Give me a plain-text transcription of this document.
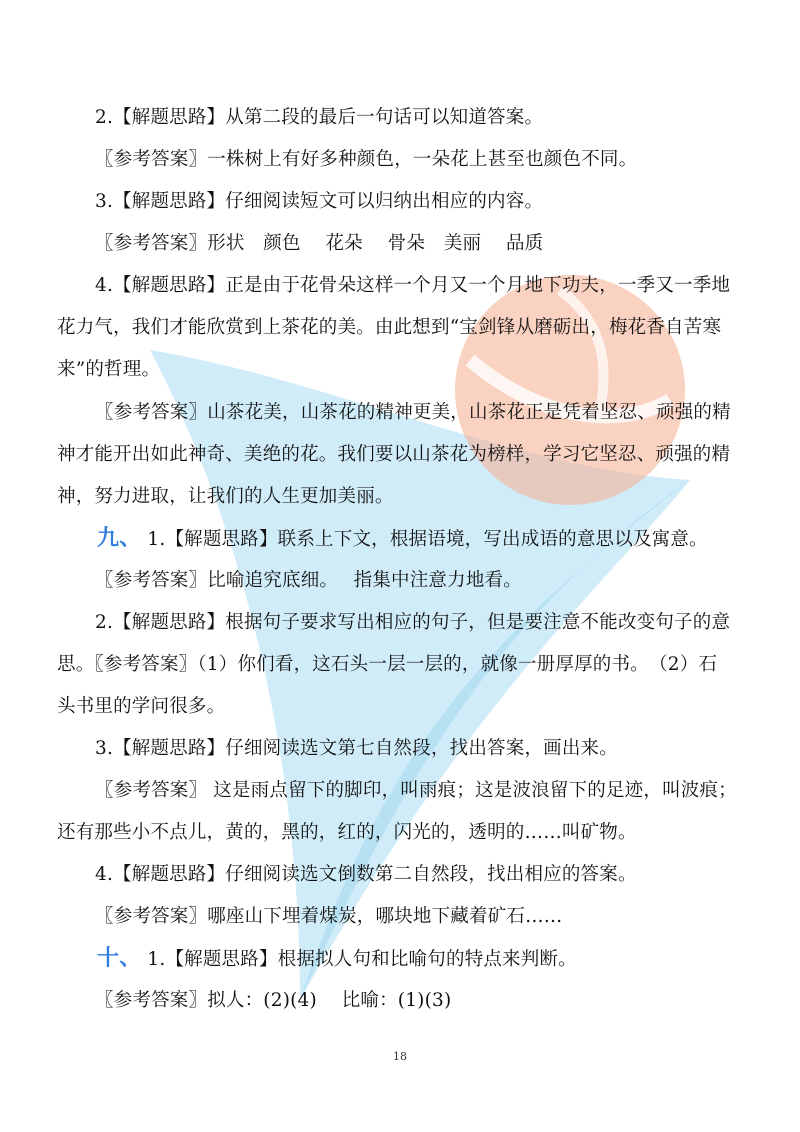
2.【解题思路】从第二段的最后一句话可以知道答案。
〖参考答案〗一株树上有好多种颜色，一朵花上甚至也颜色不同。
3.【解题思路】仔细阅读短文可以归纳出相应的内容。
〖参考答案〗形状　颜色　 花朵　 骨朵　美丽　 品质
4.【解题思路】正是由于花骨朵这样一个月又一个月地下功夫，一季又一季地
花力气，我们才能欣赏到上茶花的美。由此想到“宝剑锋从磨砺出，梅花香自苦寒
来”的哲理。
〖参考答案〗山茶花美，山茶花的精神更美，山茶花正是凭着坚忍、顽强的精
神才能开出如此神奇、美绝的花。我们要以山茶花为榜样，学习它坚忍、顽强的精
神，努力进取，让我们的人生更加美丽。
九、 1.【解题思路】联系上下文，根据语境，写出成语的意思以及寓意。
〖参考答案〗比喻追究底细。　 指集中注意力地看。
2.【解题思路】根据句子要求写出相应的句子，但是要注意不能改变句子的意
思。〖参考答案〗（1）你们看，这石头一层一层的，就像一册厚厚的书。　（2）石
头书里的学问很多。
3.【解题思路】仔细阅读选文第七自然段，找出答案，画出来。
〖参考答案〗 这是雨点留下的脚印，叫雨痕；这是波浪留下的足迹，叫波痕；
还有那些小不点儿，黄的，黑的，红的，闪光的，透明的……叫矿物。
4.【解题思路】仔细阅读选文倒数第二自然段，找出相应的答案。
〖参考答案〗哪座山下埋着煤炭，哪块地下藏着矿石……
十、 1.【解题思路】根据拟人句和比喻句的特点来判断。
〖参考答案〗拟人：(2)(4)　 比喻：(1)(3)
18
